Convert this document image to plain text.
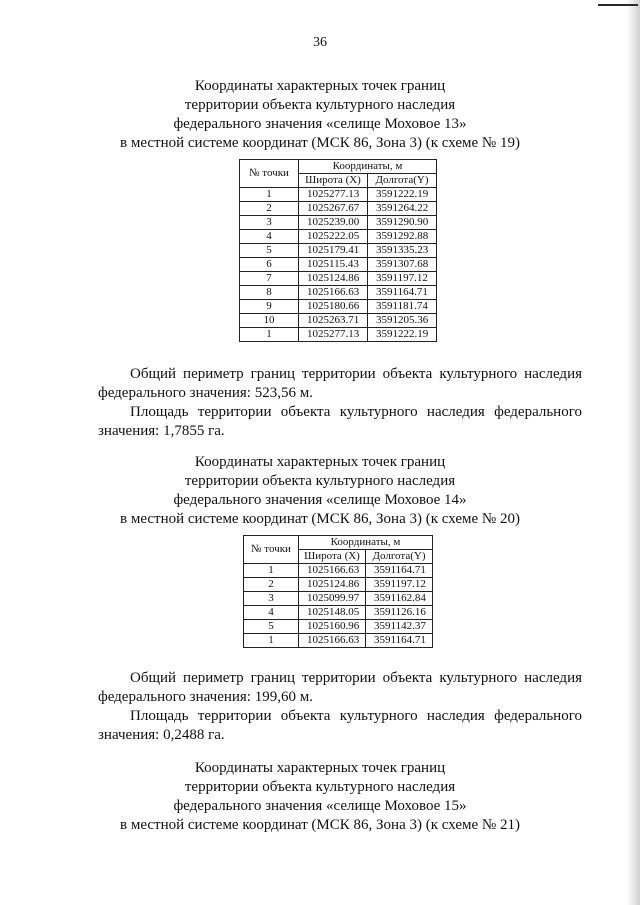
36
Координаты характерных точек границ
территории объекта культурного наследия
федерального значения «селище Моховое 13»
в местной системе координат (МСК 86, Зона 3) (к схеме № 19)
№ точки	Координаты, м	
	Широта (X)	Долгота(Y)
1	1025277.13	3591222.19
2	1025267.67	3591264.22
3	1025239.00	3591290.90
4	1025222.05	3591292.88
5	1025179.41	3591335.23
6	1025115.43	3591307.68
7	1025124.86	3591197.12
8	1025166.63	3591164.71
9	1025180.66	3591181.74
10	1025263.71	3591205.36
1	1025277.13	3591222.19

Общий периметр границ территории объекта культурного наследия

федерального значения: 523,56 м.

Площадь территории объекта культурного наследия федерального

значения: 1,7855 га.

Координаты характерных точек границ
территории объекта культурного наследия
федерального значения «селище Моховое 14»
в местной системе координат (МСК 86, Зона 3) (к схеме № 20)
№ точки	Координаты, м	
	Широта (X)	Долгота(Y)
1	1025166.63	3591164.71
2	1025124.86	3591197.12
3	1025099.97	3591162.84
4	1025148.05	3591126.16
5	1025160.96	3591142.37
1	1025166.63	3591164.71

Общий периметр границ территории объекта культурного наследия

федерального значения: 199,60 м.

Площадь территории объекта культурного наследия федерального

значения: 0,2488 га.

Координаты характерных точек границ
территории объекта культурного наследия
федерального значения «селище Моховое 15»
в местной системе координат (МСК 86, Зона 3) (к схеме № 21)
